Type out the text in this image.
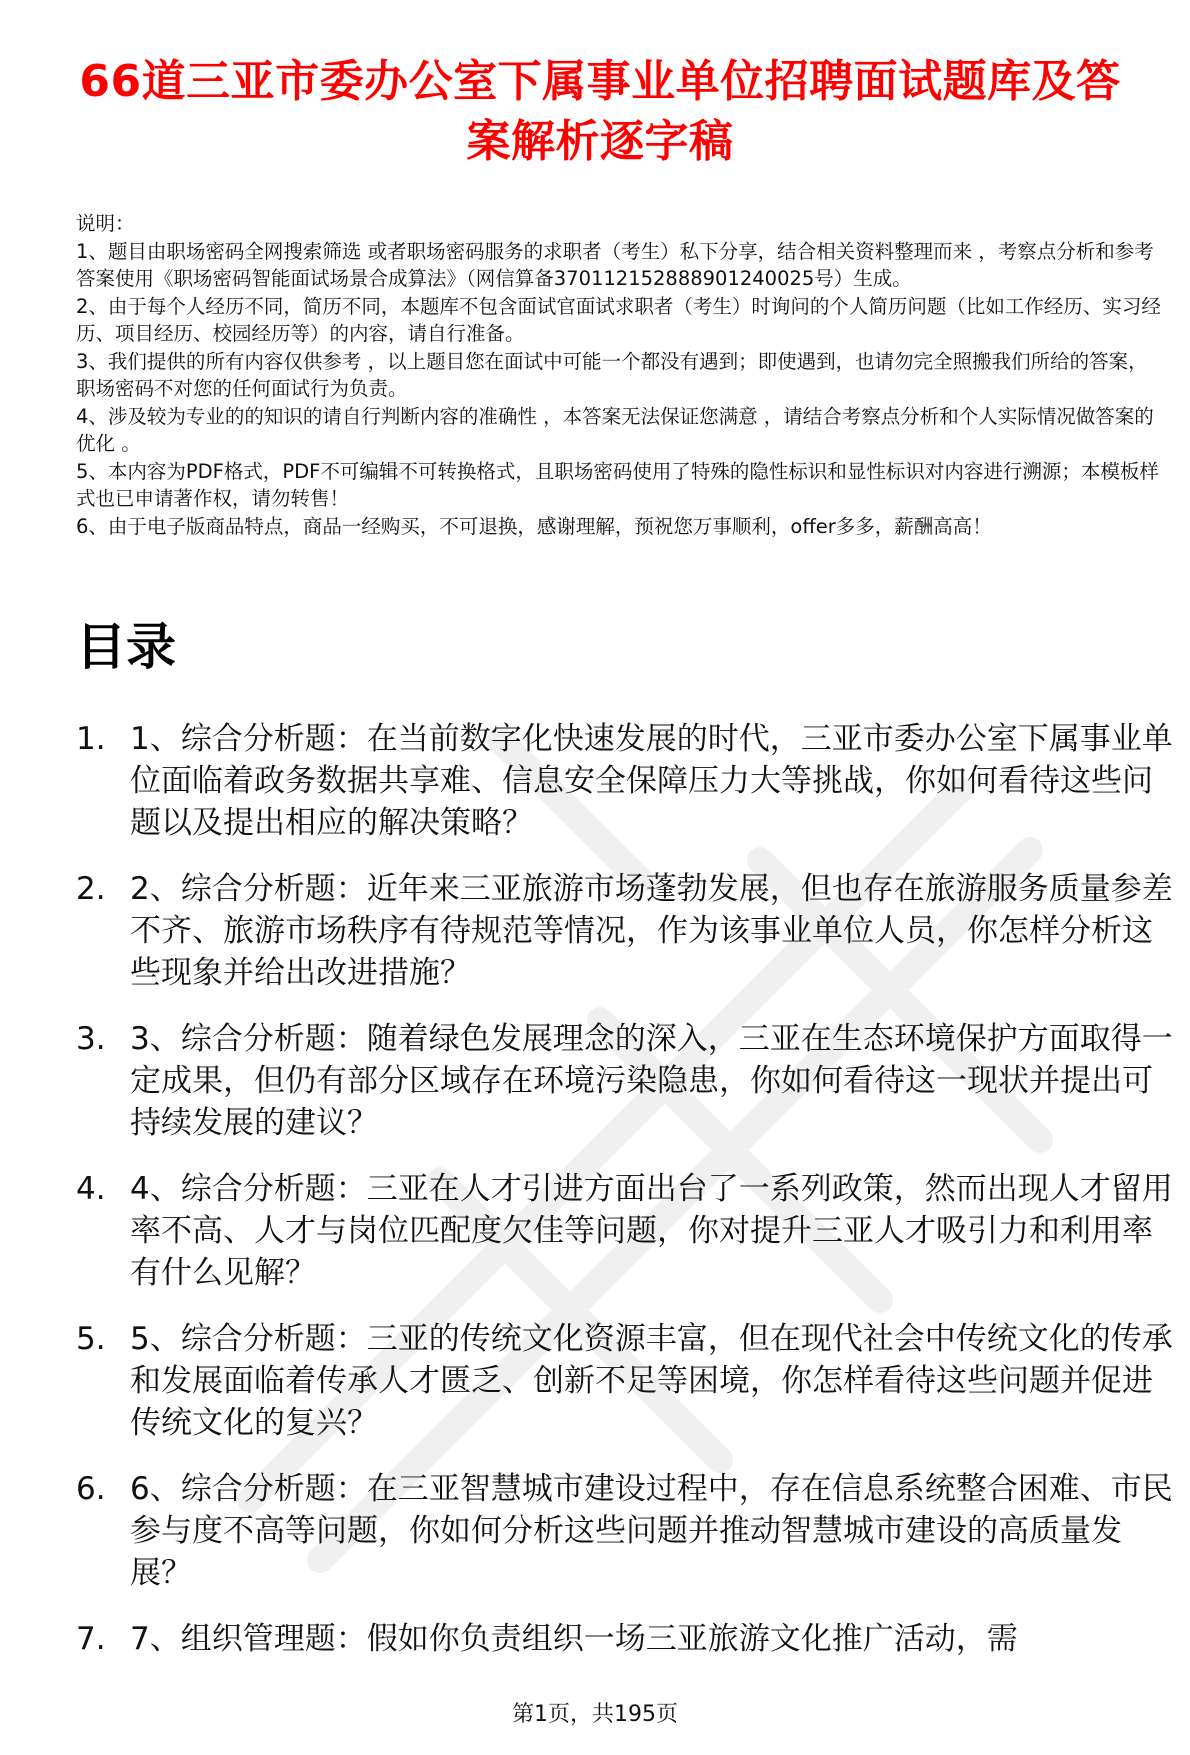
66道三亚市委办公室下属事业单位招聘面试题库及答案解析逐字稿

说明：

1、题目由职场密码全网搜索筛选 或者职场密码服务的求职者（考生）私下分享，结合相关资料整理而来 ，考察点分析和参考答案使用《职场密码智能面试场景合成算法》（网信算备370112152888901240025号）生成。

2、由于每个人经历不同，简历不同，本题库不包含面试官面试求职者（考生）时询问的个人简历问题（比如工作经历、实习经历、项目经历、校园经历等）的内容，请自行准备。

3、我们提供的所有内容仅供参考 ，以上题目您在面试中可能一个都没有遇到；即使遇到，也请勿完全照搬我们所给的答案，职场密码不对您的任何面试行为负责。

4、涉及较为专业的的知识的请自行判断内容的准确性 ，本答案无法保证您满意 ，请结合考察点分析和个人实际情况做答案的优化 。

5、本内容为PDF格式，PDF不可编辑不可转换格式，且职场密码使用了特殊的隐性标识和显性标识对内容进行溯源；本模板样式也已申请著作权，请勿转售！

6、由于电子版商品特点，商品一经购买，不可退换，感谢理解，预祝您万事顺利，offer多多，薪酬高高！

目录
1. 1、综合分析题：在当前数字化快速发展的时代，三亚市委办公室下属事业单位面临着政务数据共享难、信息安全保障压力大等挑战，你如何看待这些问题以及提出相应的解决策略？
2. 2、综合分析题：近年来三亚旅游市场蓬勃发展，但也存在旅游服务质量参差不齐、旅游市场秩序有待规范等情况，作为该事业单位人员，你怎样分析这些现象并给出改进措施？
3. 3、综合分析题：随着绿色发展理念的深入，三亚在生态环境保护方面取得一定成果，但仍有部分区域存在环境污染隐患，你如何看待这一现状并提出可持续发展的建议？
4. 4、综合分析题：三亚在人才引进方面出台了一系列政策，然而出现人才留用率不高、人才与岗位匹配度欠佳等问题，你对提升三亚人才吸引力和利用率有什么见解？
5. 5、综合分析题：三亚的传统文化资源丰富，但在现代社会中传统文化的传承和发展面临着传承人才匮乏、创新不足等困境，你怎样看待这些问题并促进传统文化的复兴？
6. 6、综合分析题：在三亚智慧城市建设过程中，存在信息系统整合困难、市民参与度不高等问题，你如何分析这些问题并推动智慧城市建设的高质量发展？
7. 7、组织管理题：假如你负责组织一场三亚旅游文化推广活动，需
第1页，共195页
